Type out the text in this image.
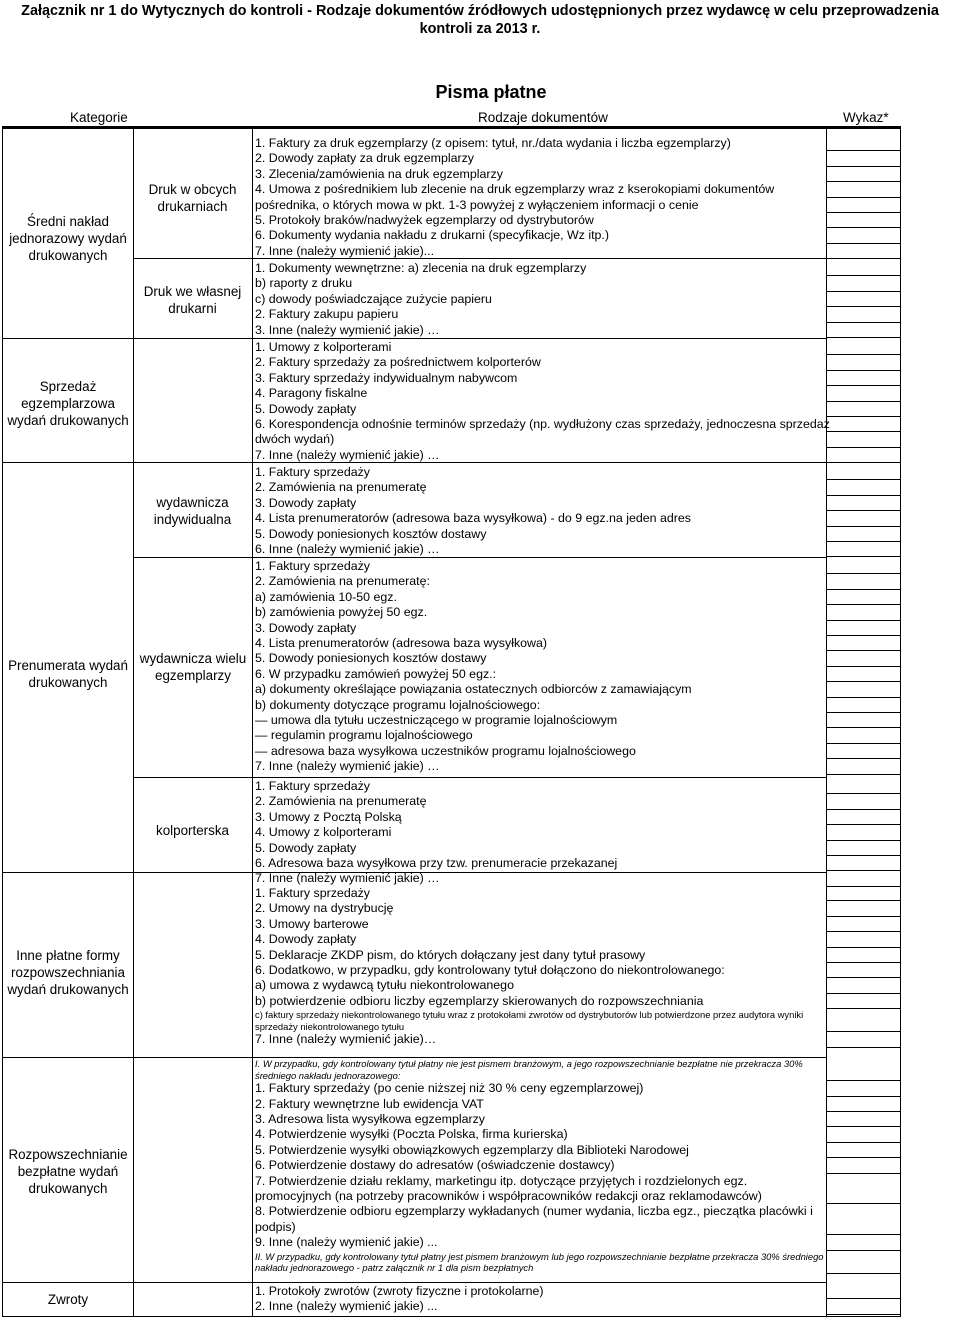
Załącznik nr 1 do Wytycznych do kontroli - Rodzaje dokumentów źródłowych udostępnionych przez wydawcę w celu przeprowadzenia
kontroli za 2013 r.
Pisma płatne
Kategorie	Rodzaje dokumentów	Wykaz*
Średni nakład jednorazowy wydań drukowanych
Sprzedaż egzemplarzowa wydań drukowanych
Prenumerata wydań drukowanych
Inne płatne formy rozpowszechniania wydań drukowanych
Rozpowszechnianie bezpłatne wydań drukowanych
Zwroty
Druk w obcych drukarniach
Druk we własnej drukarni
wydawnicza indywidualna
wydawnicza wielu egzemplarzy
kolporterska
1. Faktury za druk egzemplarzy (z opisem: tytuł, nr./data wydania i liczba egzemplarzy)
2. Dowody zapłaty za druk egzemplarzy
3. Zlecenia/zamówienia na druk egzemplarzy
4. Umowa z pośrednikiem lub zlecenie na druk egzemplarzy wraz z kserokopiami dokumentów
pośrednika, o których mowa w pkt. 1-3 powyżej z wyłączeniem informacji o cenie
5. Protokoły braków/nadwyżek egzemplarzy od dystrybutorów
6. Dokumenty wydania nakładu z drukarni (specyfikacje, Wz itp.)
7. Inne (należy wymienić jakie)...
1. Dokumenty wewnętrzne: a) zlecenia na druk egzemplarzy
b) raporty z druku
c) dowody poświadczające zużycie papieru
2. Faktury zakupu papieru
3. Inne (należy wymienić jakie) …
1. Umowy z kolporterami
2. Faktury sprzedaży za pośrednictwem kolporterów
3. Faktury sprzedaży indywidualnym nabywcom
4. Paragony fiskalne
5. Dowody zapłaty
6. Korespondencja odnośnie terminów sprzedaży (np. wydłużony czas sprzedaży, jednoczesna sprzedaż
dwóch wydań)
7. Inne (należy wymienić jakie) …
1. Faktury sprzedaży
2. Zamówienia na prenumeratę
3. Dowody zapłaty
4. Lista prenumeratorów (adresowa baza wysyłkowa) - do 9 egz.na jeden adres
5. Dowody poniesionych kosztów dostawy
6. Inne (należy wymienić jakie) …
1. Faktury sprzedaży
2. Zamówienia na prenumeratę:
a) zamówienia 10-50 egz.
b) zamówienia powyżej 50 egz.
3. Dowody zapłaty
4. Lista prenumeratorów (adresowa baza wysyłkowa)
5. Dowody poniesionych kosztów dostawy
6. W przypadku zamówień powyżej 50 egz.:
a) dokumenty określające powiązania ostatecznych odbiorców z zamawiającym
b) dokumenty dotyczące programu lojalnościowego:
— umowa dla tytułu uczestniczącego w programie lojalnościowym
— regulamin programu lojalnościowego
— adresowa baza wysyłkowa uczestników programu lojalnościowego
7. Inne (należy wymienić jakie) …
1. Faktury sprzedaży
2. Zamówienia na prenumeratę
3. Umowy z Pocztą Polską
4. Umowy z kolporterami
5. Dowody zapłaty
6. Adresowa baza wysyłkowa przy tzw. prenumeracie przekazanej
7. Inne (należy wymienić jakie) …
1. Faktury sprzedaży
2. Umowy na dystrybucję
3. Umowy barterowe
4. Dowody zapłaty
5. Deklaracje ZKDP pism, do których dołączany jest dany tytuł prasowy
6. Dodatkowo, w przypadku, gdy kontrolowany tytuł dołączono do niekontrolowanego:
a) umowa z wydawcą tytułu niekontrolowanego
b) potwierdzenie odbioru liczby egzemplarzy skierowanych do rozpowszechniania
c) faktury sprzedaży niekontrolowanego tytułu wraz z protokołami zwrotów od dystrybutorów lub potwierdzone przez audytora wyniki sprzedaży niekontrolowanego tytułu
7. Inne (należy wymienić jakie)…
I. W przypadku, gdy kontrolowany tytuł płatny nie jest pismem branżowym, a jego rozpowszechnianie bezpłatne nie przekracza 30% średniego nakładu jednorazowego:
1. Faktury sprzedaży (po cenie niższej niż 30 % ceny egzemplarzowej)
2. Faktury wewnętrzne lub ewidencja VAT
3. Adresowa lista wysyłkowa egzemplarzy
4. Potwierdzenie wysyłki (Poczta Polska, firma kurierska)
5. Potwierdzenie wysyłki obowiązkowych egzemplarzy dla Biblioteki Narodowej
6. Potwierdzenie dostawy do adresatów (oświadczenie dostawcy)
7. Potwierdzenie działu reklamy, marketingu itp. dotyczące przyjętych i rozdzielonych egz. promocyjnych (na potrzeby pracowników i współpracowników redakcji oraz reklamodawców)
8. Potwierdzenie odbioru egzemplarzy wykładanych (numer wydania, liczba egz., pieczątka placówki i podpis)
9. Inne (należy wymienić jakie) ...
II. W przypadku, gdy kontrolowany tytuł płatny jest pismem branżowym lub jego rozpowszechnianie bezpłatne przekracza 30% średniego nakładu jednorazowego - patrz załącznik nr 1 dla pism bezpłatnych
1. Protokoły zwrotów (zwroty fizyczne i protokolarne)
2. Inne (należy wymienić jakie) ...
